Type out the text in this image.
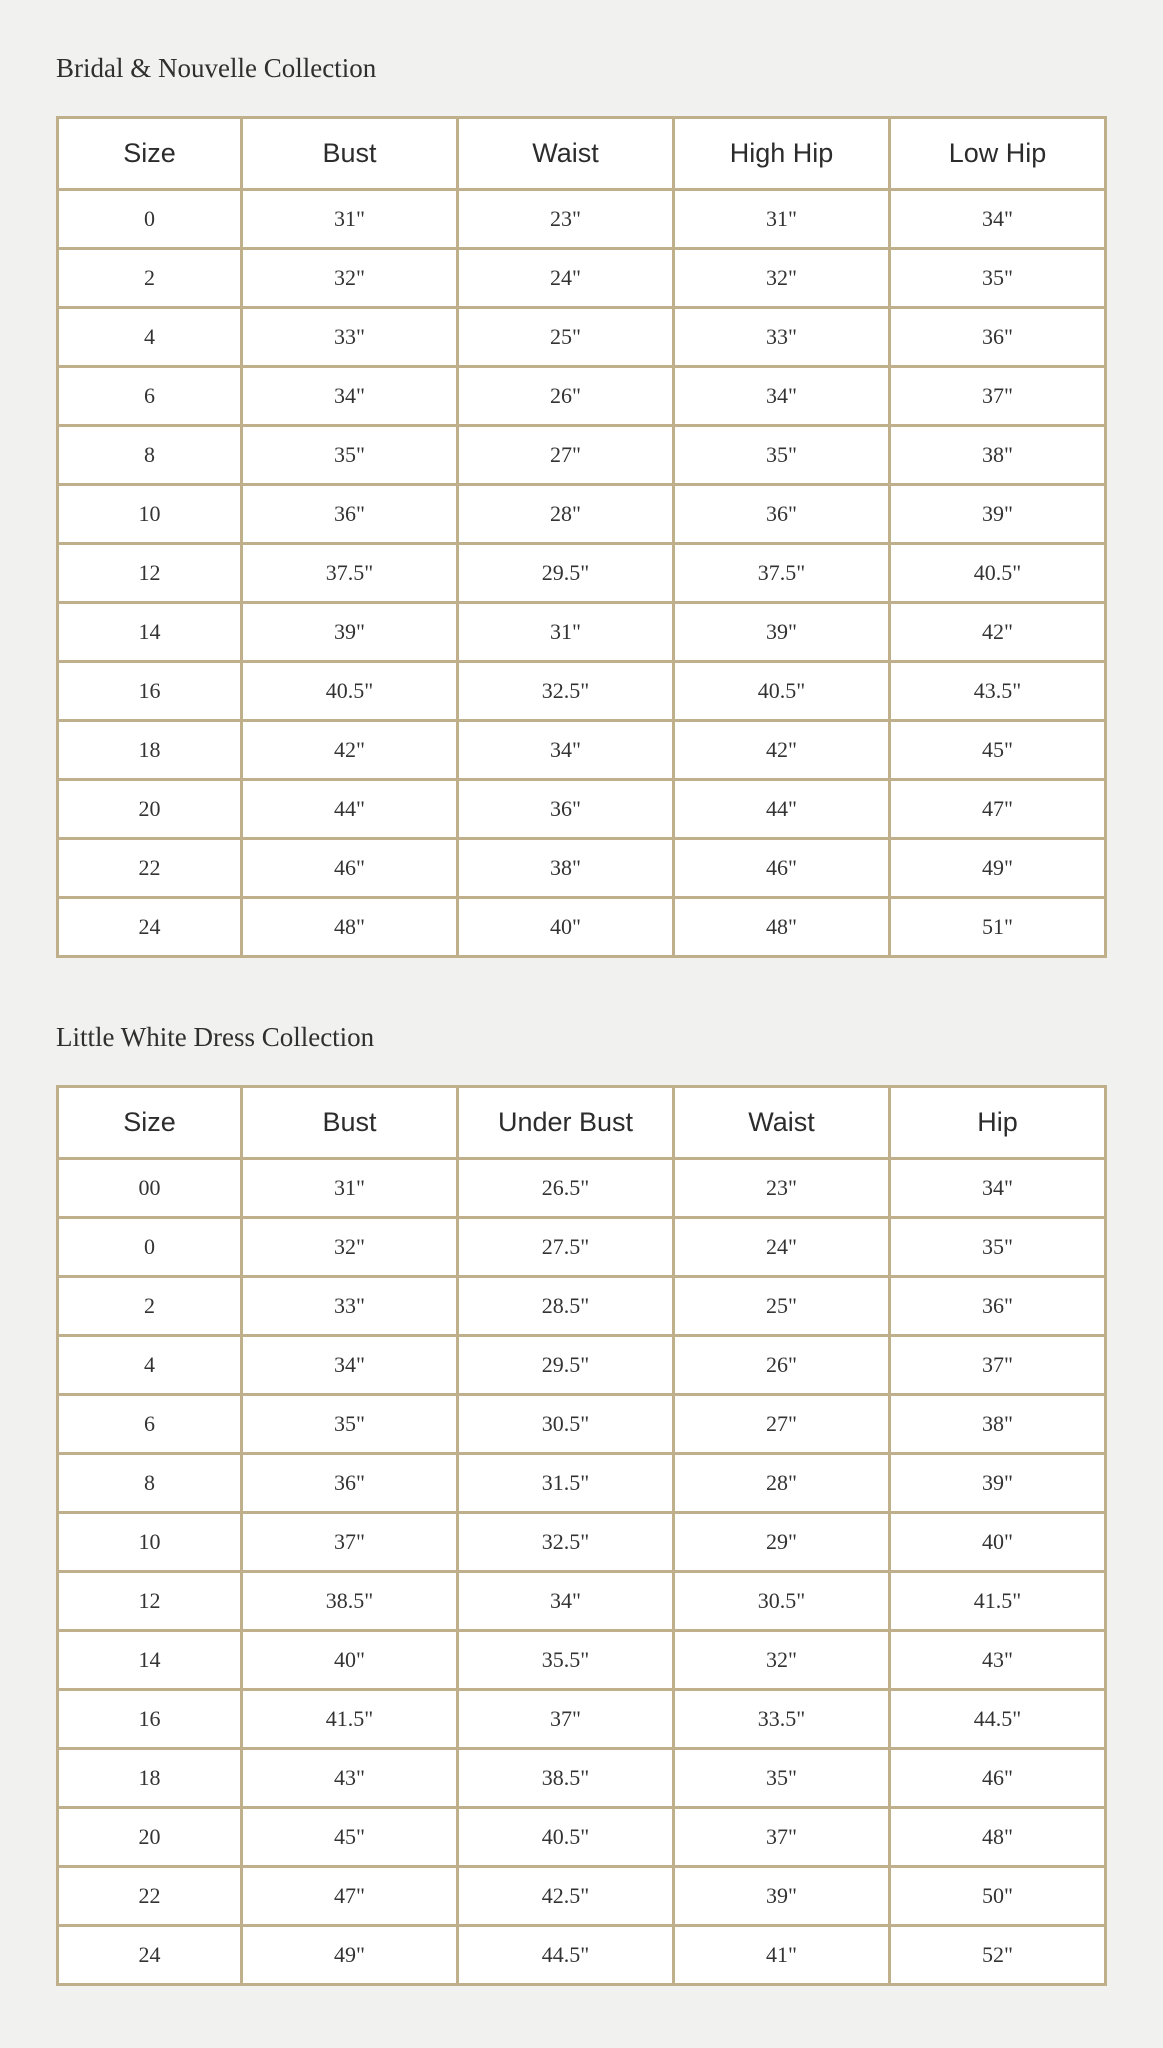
Bridal & Nouvelle Collection
Size	Bust	Waist	High Hip	Low Hip
0	31"	23"	31"	34"
2	32"	24"	32"	35"
4	33"	25"	33"	36"
6	34"	26"	34"	37"
8	35"	27"	35"	38"
10	36"	28"	36"	39"
12	37.5"	29.5"	37.5"	40.5"
14	39"	31"	39"	42"
16	40.5"	32.5"	40.5"	43.5"
18	42"	34"	42"	45"
20	44"	36"	44"	47"
22	46"	38"	46"	49"
24	48"	40"	48"	51"
Little White Dress Collection
Size	Bust	Under Bust	Waist	Hip
00	31"	26.5"	23"	34"
0	32"	27.5"	24"	35"
2	33"	28.5"	25"	36"
4	34"	29.5"	26"	37"
6	35"	30.5"	27"	38"
8	36"	31.5"	28"	39"
10	37"	32.5"	29"	40"
12	38.5"	34"	30.5"	41.5"
14	40"	35.5"	32"	43"
16	41.5"	37"	33.5"	44.5"
18	43"	38.5"	35"	46"
20	45"	40.5"	37"	48"
22	47"	42.5"	39"	50"
24	49"	44.5"	41"	52"
